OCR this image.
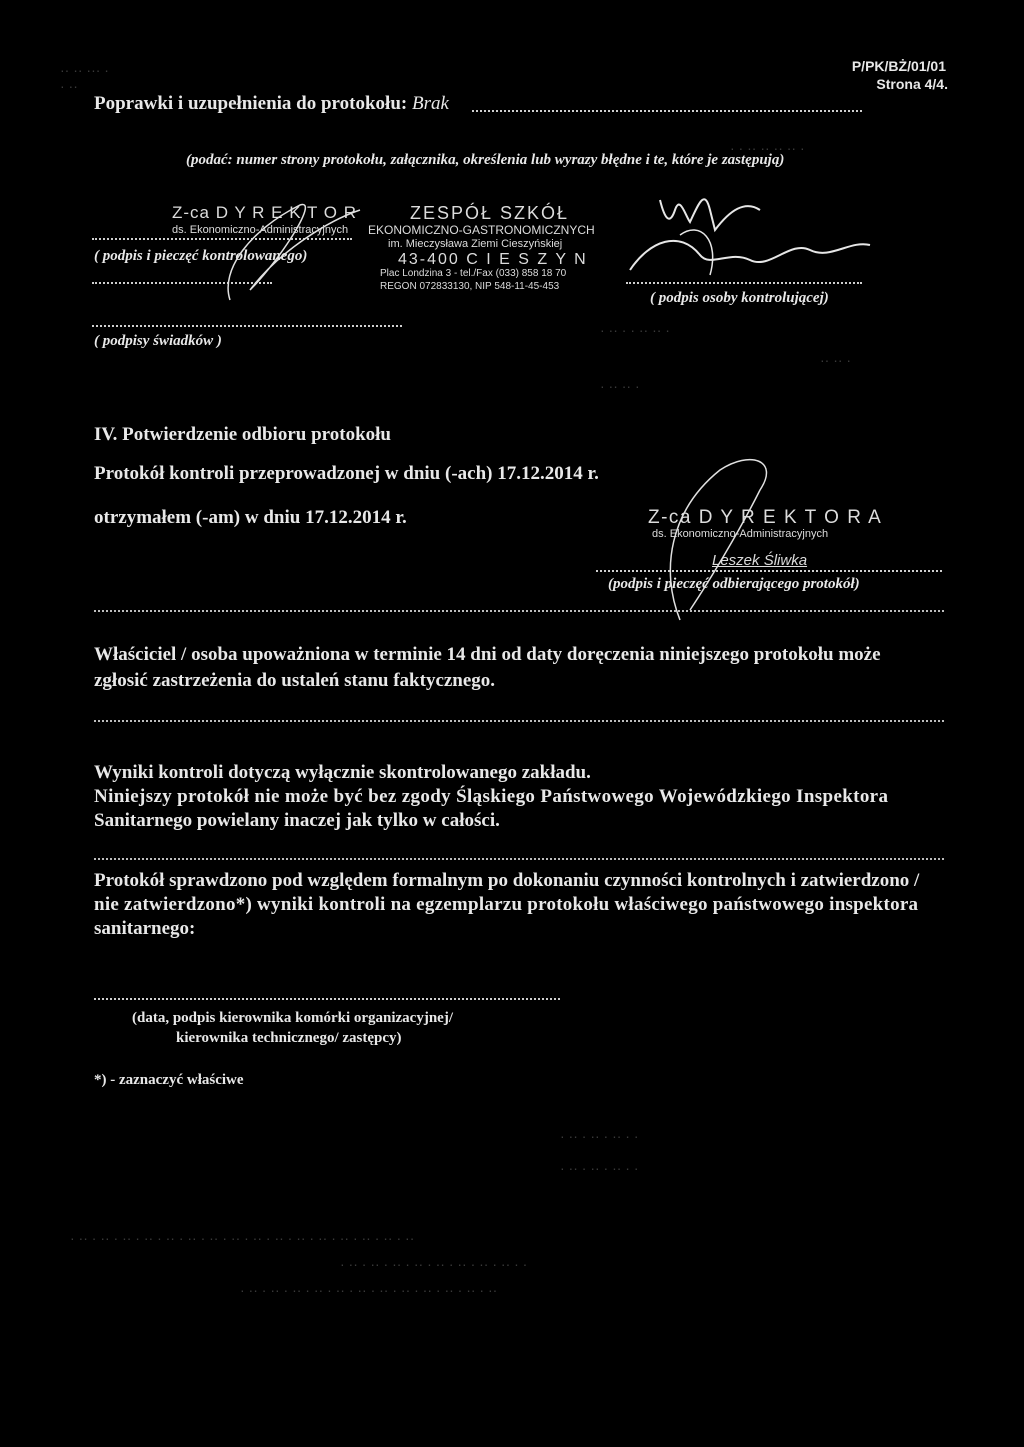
·· ·· ··· ·
· ··
· · ·· ·· ·· ·· ·
· ·· · · ·· ·· ·
·· ·· ·
· ·· ·· ·
· ·· · ·· · ·· · ·
· ·· · ·· · ·· · ·
· ·· · ·· · ·· · ·· · ·· · ·· · ·· · ·· · ·· · ·· · ·· · ·· · ·· · ·· · ·· · ··
· ·· · ·· · ·· · ·· · ·· · ·· · ·· · ·· · ·
· ·· · ·· · ·· · ·· · ·· · ·· · ·· · ·· · ·· · ·· · ·· · ··
P/PK/BŻ/01/01
Strona 4/4.
Poprawki i uzupełnienia do protokołu: Brak
(podać: numer strony protokołu, załącznika, określenia lub wyrazy błędne i te, które je zastępują)
Z-ca D Y R E K T O R
ds. Ekonomiczno-Administracyjnych
( podpis i pieczęć kontrolowanego)
ZESPÓŁ SZKÓŁ
EKONOMICZNO-GASTRONOMICZNYCH
im. Mieczysława Ziemi Cieszyńskiej
43-400 C I E S Z Y N
Plac Londzina 3 - tel./Fax (033) 858 18 70
REGON 072833130, NIP 548-11-45-453
( podpis osoby kontrolującej)
( podpisy świadków )
IV. Potwierdzenie odbioru protokołu
Protokół kontroli przeprowadzonej w dniu (-ach) 17.12.2014 r.
otrzymałem (-am) w dniu 17.12.2014 r.	Z-ca D Y R E K T O R A
ds. Ekonomiczno-Administracyjnych
Leszek Śliwka
(podpis i pieczęć odbierającego protokół)
Właściciel / osoba upoważniona w terminie 14 dni od daty doręczenia niniejszego protokołu może
zgłosić zastrzeżenia do ustaleń stanu faktycznego.
Wyniki kontroli dotyczą wyłącznie skontrolowanego zakładu.
Niniejszy protokół nie może być bez zgody Śląskiego Państwowego Wojewódzkiego Inspektora
Sanitarnego powielany inaczej jak tylko w całości.
Protokół sprawdzono pod względem formalnym po dokonaniu czynności kontrolnych i zatwierdzono /
nie zatwierdzono*) wyniki kontroli na egzemplarzu protokołu właściwego państwowego inspektora
sanitarnego:
(data, podpis kierownika komórki organizacyjnej/
kierownika technicznego/ zastępcy)
*) - zaznaczyć właściwe
